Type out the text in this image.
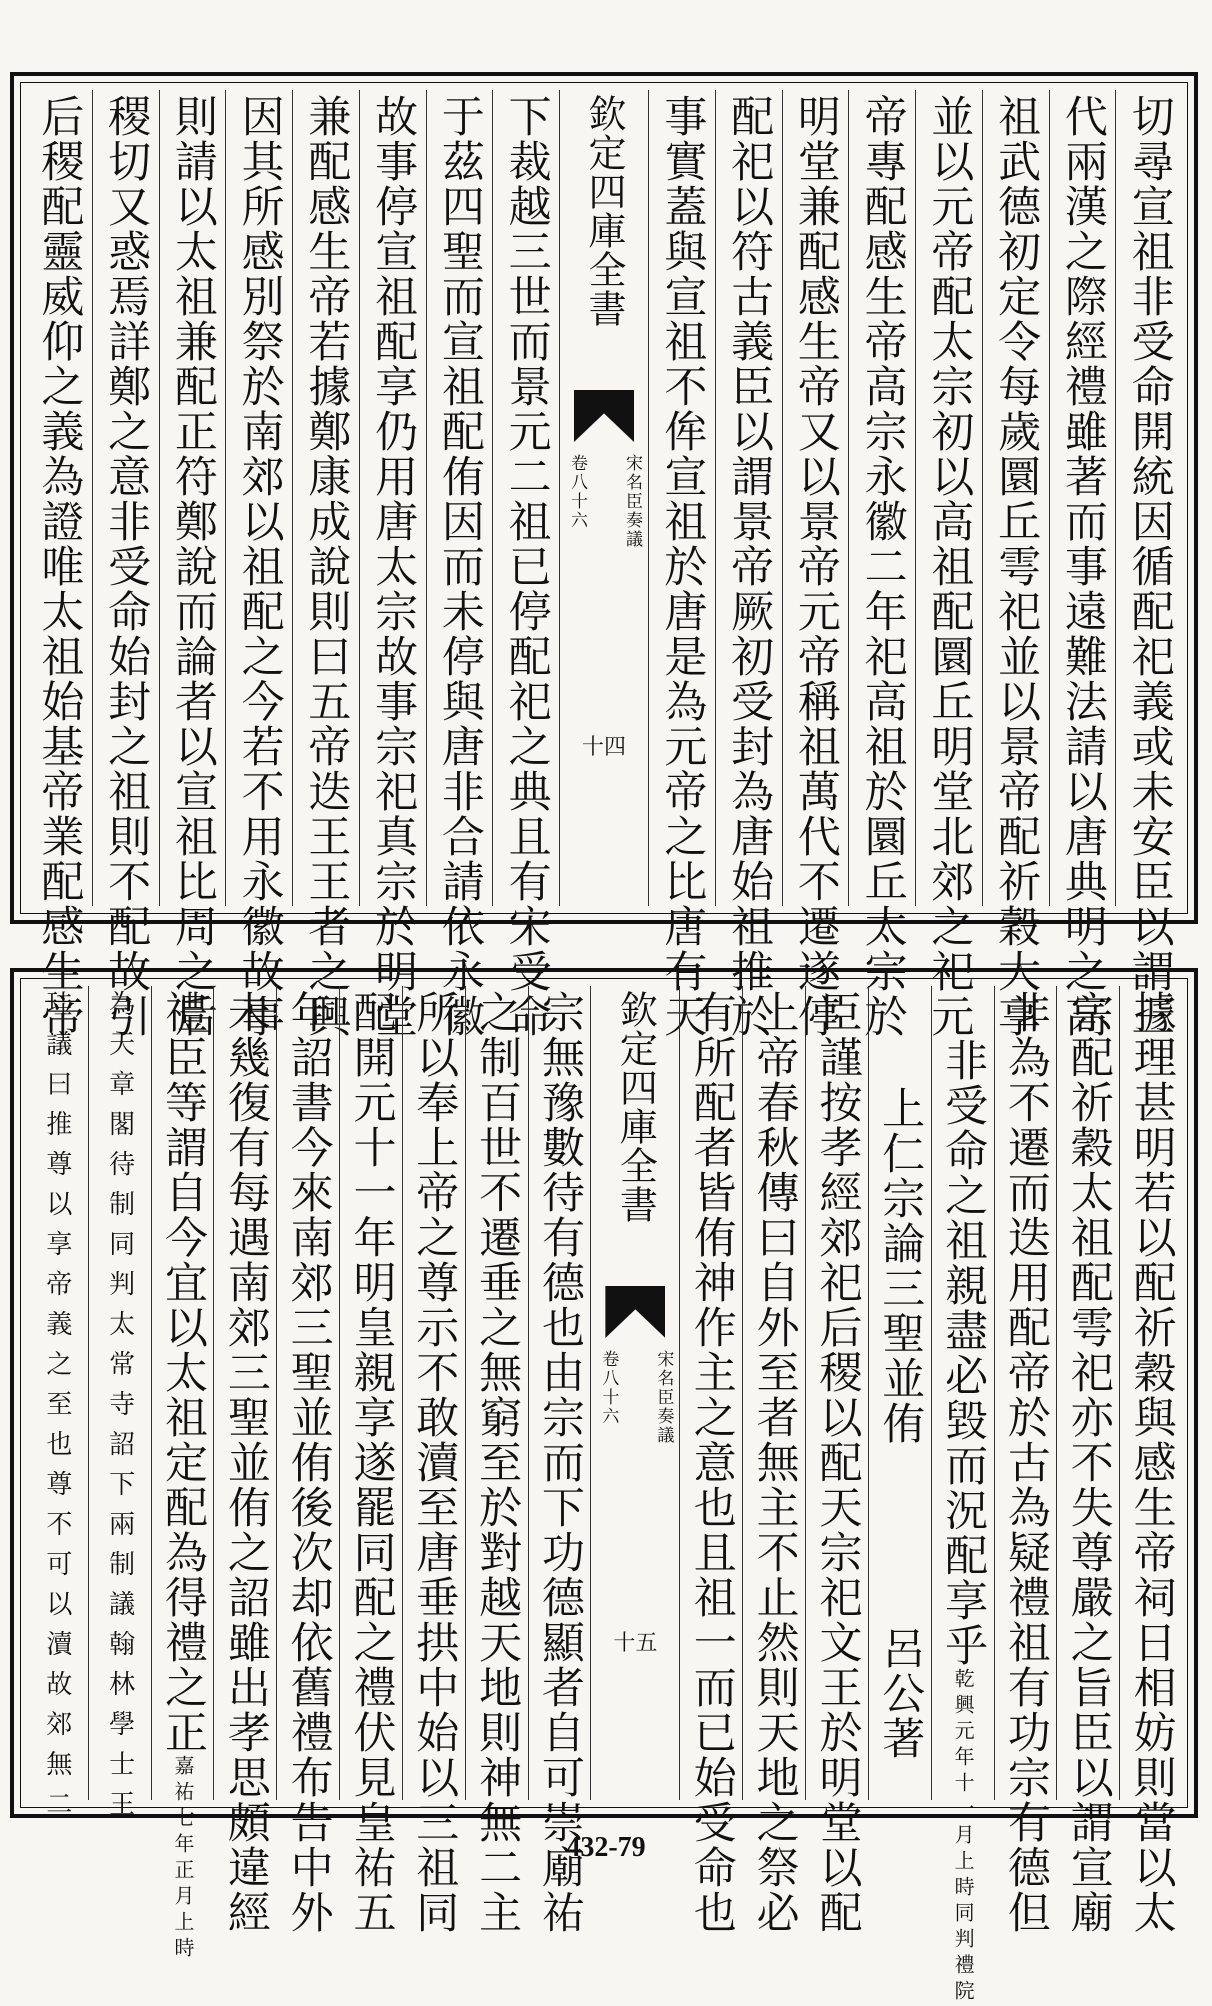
切尋宣祖非受命開統因循配祀義或未安臣以謂三
代兩漢之際經禮雖著而事遠難法請以唐典明之高
祖武德初定令每歲圜丘雩祀並以景帝配祈穀大享
並以元帝配太宗初以高祖配圜丘明堂北郊之祀元
帝專配感生帝高宗永徽二年祀高祖於圜丘太宗於
明堂兼配感生帝又以景帝元帝稱祖萬代不遷遂停
配祀以符古義臣以謂景帝厥初受封為唐始祖推於
事實蓋與宣祖不侔宣祖於唐是為元帝之比唐有天
欽定四庫全書
宋名臣奏議
卷八十六
十四
下裁越三世而景元二祖已停配祀之典且有宋受命
于茲四聖而宣祖配侑因而未停與唐非合請依永徽
故事停宣祖配享仍用唐太宗故事宗祀真宗於明堂
兼配感生帝若據鄭康成說則曰五帝迭王王者之興
因其所感別祭於南郊以祖配之今若不用永徽故事
則請以太祖兼配正符鄭說而論者以宣祖比周之后
稷切又惑焉詳鄭之意非受命始封之祖則不配故引
后稷配靈威仰之義為證唯太祖始基帝業配感生帝
據理甚明若以配祈穀與感生帝祠日相妨則當以太
宗配祈穀太祖配雩祀亦不失尊嚴之旨臣以謂宣廟
非為不遷而迭用配帝於古為疑禮祖有功宗有德但
非受命之祖親盡必毀而況配享乎乾興元年十一月上時同判禮院
上仁宗論三聖並侑呂公著
臣謹按孝經郊祀后稷以配天宗祀文王於明堂以配
上帝春秋傳曰自外至者無主不止然則天地之祭必
有所配者皆侑神作主之意也且祖一而已始受命也
欽定四庫全書
宋名臣奏議
卷八十六
十五
宗無豫數待有德也由宗而下功德顯者自可崇廟祐
之制百世不遷垂之無窮至於對越天地則神無二主
所以奉上帝之尊示不敢瀆至唐垂拱中始以三祖同
配開元十一年明皇親享遂罷同配之禮伏見皇祐五
年詔書今來南郊三聖並侑後次却依舊禮布告中外
未幾復有每遇南郊三聖並侑之詔雖出孝思頗違經
禮臣等謂自今宜以太祖定配為得禮之正嘉祐七年正月上時
為天章閣待制同判太常寺詔下兩制議翰林學士王
珪議曰推尊以享帝義之至也尊不可以瀆故郊無二
432-79
